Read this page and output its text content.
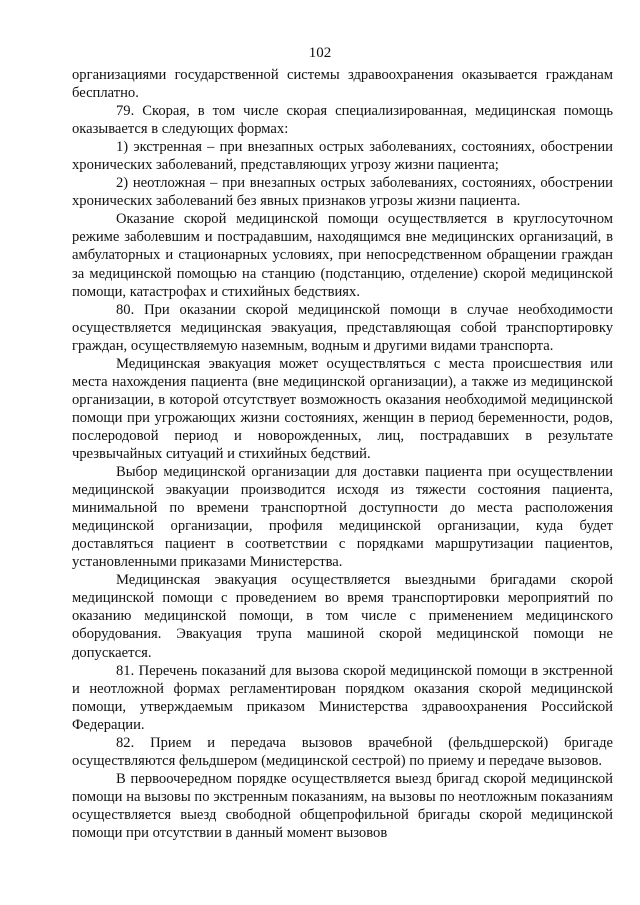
102

организациями государственной системы здравоохранения оказывается гражданам бесплатно.

79. Скорая, в том числе скорая специализированная, медицинская помощь оказывается в следующих формах:

1) экстренная – при внезапных острых заболеваниях, состояниях, обострении хронических заболеваний, представляющих угрозу жизни пациента;

2) неотложная – при внезапных острых заболеваниях, состояниях, обострении хронических заболеваний без явных признаков угрозы жизни пациента.

Оказание скорой медицинской помощи осуществляется в круглосуточном режиме заболевшим и пострадавшим, находящимся вне медицинских организаций, в амбулаторных и стационарных условиях, при непосредственном обращении граждан за медицинской помощью на станцию (подстанцию, отделение) скорой медицинской помощи, катастрофах и стихийных бедствиях.

80. При оказании скорой медицинской помощи в случае необходимости осуществляется медицинская эвакуация, представляющая собой транспортировку граждан, осуществляемую наземным, водным и другими видами транспорта.

Медицинская эвакуация может осуществляться с места происшествия или места нахождения пациента (вне медицинской организации), а также из медицинской организации, в которой отсутствует возможность оказания необходимой медицинской помощи при угрожающих жизни состояниях, женщин в период беременности, родов, послеродовой период и новорожденных, лиц, пострадавших в результате чрезвычайных ситуаций и стихийных бедствий.

Выбор медицинской организации для доставки пациента при осуществлении медицинской эвакуации производится исходя из тяжести состояния пациента, минимальной по времени транспортной доступности до места расположения медицинской организации, профиля медицинской организации, куда будет доставляться пациент в соответствии с порядками маршрутизации пациентов, установленными приказами Министерства.

Медицинская эвакуация осуществляется выездными бригадами скорой медицинской помощи с проведением во время транспортировки мероприятий по оказанию медицинской помощи, в том числе с применением медицинского оборудования. Эвакуация трупа машиной скорой медицинской помощи не допускается.

81. Перечень показаний для вызова скорой медицинской помощи в экстренной и неотложной формах регламентирован порядком оказания скорой медицинской помощи, утверждаемым приказом Министерства здравоохранения Российской Федерации.

82. Прием и передача вызовов врачебной (фельдшерской) бригаде осуществляются фельдшером (медицинской сестрой) по приему и передаче вызовов.

В первоочередном порядке осуществляется выезд бригад скорой медицинской помощи на вызовы по экстренным показаниям, на вызовы по неотложным показаниям осуществляется выезд свободной общепрофильной бригады скорой медицинской помощи при отсутствии в данный момент вызовов
